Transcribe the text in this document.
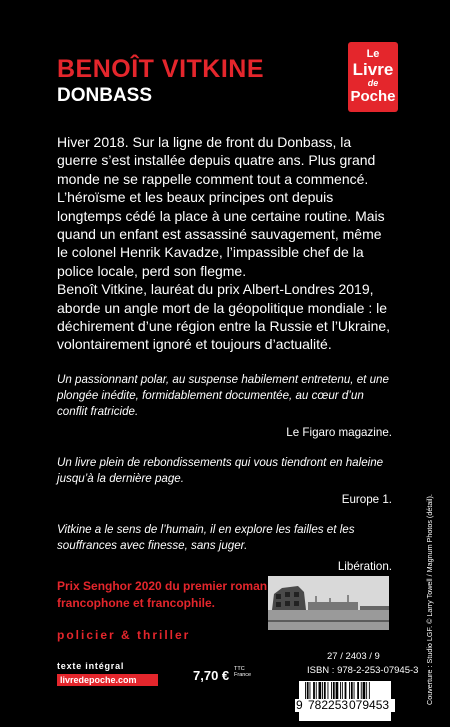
BENOÎT VITKINE
DONBASS
Le
Livre
de
Poche

Hiver 2018. Sur la ligne de front du Donbass, la guerre s’est installée depuis quatre ans. Plus grand monde ne se rappelle comment tout a commencé. L’héroïsme et les beaux principes ont depuis longtemps cédé la place à une certaine routine. Mais quand un enfant est assassiné sauvagement, même le colonel Henrik Kavadze, l’impassible chef de la police locale, perd son flegme.

Benoît Vitkine, lauréat du prix Albert-Londres 2019, aborde un angle mort de la géopolitique mondiale : le déchirement d’une région entre la Russie et l’Ukraine, volontairement ignoré et toujours d’actualité.

Un passionnant polar, au suspense habilement entretenu, et une plongée inédite, formidablement documentée, au cœur d’un conflit fratricide.

Le Figaro magazine.

Un livre plein de rebondissements qui vous tiendront en haleine jusqu’à la dernière page.

Europe 1.

Vitkine a le sens de l’humain, il en explore les failles et les souffrances avec finesse, sans juger.

Libération.
Prix Senghor 2020 du premier roman francophone et francophile.
policier & thriller
texte intégral
livredepoche.com	7,70 € TTC
France
27 / 2403 / 9
ISBN : 978-2-253-07945-3
9 782253 079453	Couverture : Studio LGF. © Larry Towell / Magnum Photos (détail).
